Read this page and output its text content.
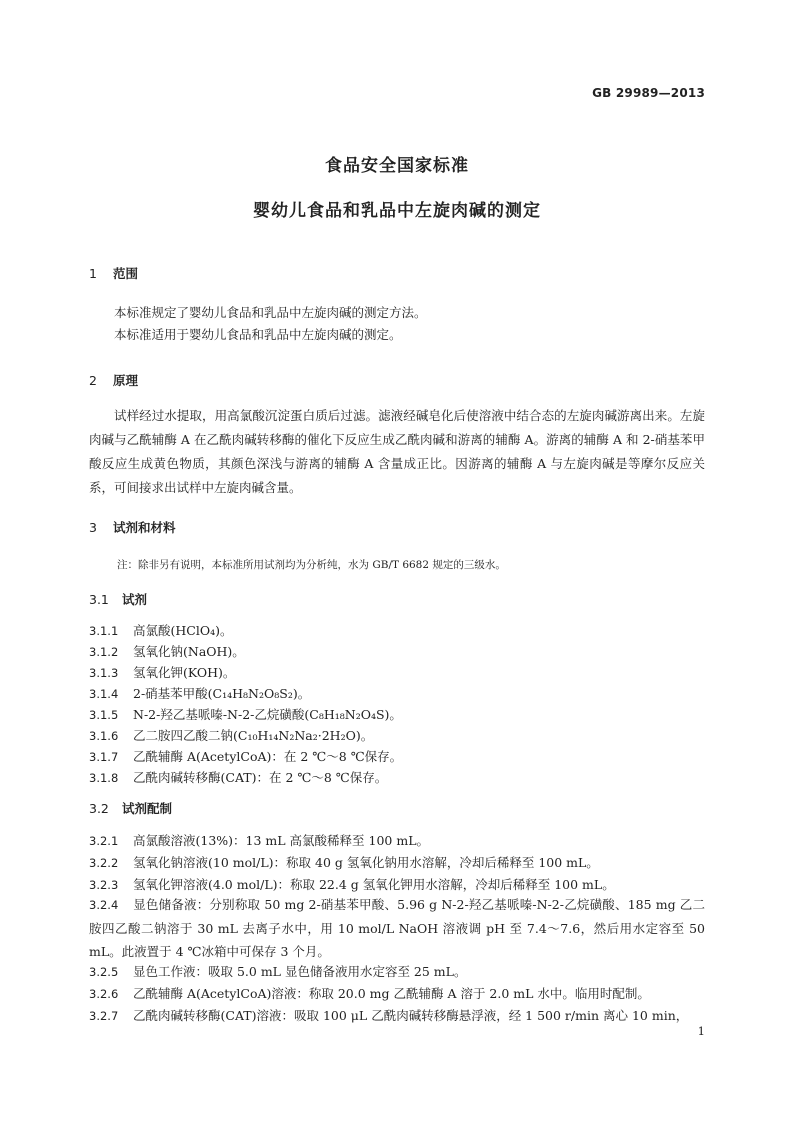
GB 29989—2013
食品安全国家标准
婴幼儿食品和乳品中左旋肉碱的测定
1 范围
本标准规定了婴幼儿食品和乳品中左旋肉碱的测定方法。
本标准适用于婴幼儿食品和乳品中左旋肉碱的测定。
2 原理
试样经过水提取，用高氯酸沉淀蛋白质后过滤。滤液经碱皂化后使溶液中结合态的左旋肉碱游离出来。左旋肉碱与乙酰辅酶 A 在乙酰肉碱转移酶的催化下反应生成乙酰肉碱和游离的辅酶 A。游离的辅酶 A 和 2-硝基苯甲酸反应生成黄色物质，其颜色深浅与游离的辅酶 A 含量成正比。因游离的辅酶 A 与左旋肉碱是等摩尔反应关系，可间接求出试样中左旋肉碱含量。
3 试剂和材料
注：除非另有说明，本标准所用试剂均为分析纯，水为 GB/T 6682 规定的三级水。
3.1 试剂
3.1.1 高氯酸(HClO₄)。
3.1.2 氢氧化钠(NaOH)。
3.1.3 氢氧化钾(KOH)。
3.1.4 2-硝基苯甲酸(C₁₄H₈N₂O₈S₂)。
3.1.5 N-2-羟乙基哌嗪-N-2-乙烷磺酸(C₈H₁₈N₂O₄S)。
3.1.6 乙二胺四乙酸二钠(C₁₀H₁₄N₂Na₂·2H₂O)。
3.1.7 乙酰辅酶 A(AcetylCoA)：在 2 ℃～8 ℃保存。
3.1.8 乙酰肉碱转移酶(CAT)：在 2 ℃～8 ℃保存。
3.2 试剂配制
3.2.1 高氯酸溶液(13%)：13 mL 高氯酸稀释至 100 mL。
3.2.2 氢氧化钠溶液(10 mol/L)：称取 40 g 氢氧化钠用水溶解，冷却后稀释至 100 mL。
3.2.3 氢氧化钾溶液(4.0 mol/L)：称取 22.4 g 氢氧化钾用水溶解，冷却后稀释至 100 mL。
3.2.4 显色储备液：分别称取 50 mg 2-硝基苯甲酸、5.96 g N-2-羟乙基哌嗪-N-2-乙烷磺酸、185 mg 乙二胺四乙酸二钠溶于 30 mL 去离子水中，用 10 mol/L NaOH 溶液调 pH 至 7.4～7.6，然后用水定容至 50 mL。此液置于 4 ℃冰箱中可保存 3 个月。
3.2.5 显色工作液：吸取 5.0 mL 显色储备液用水定容至 25 mL。
3.2.6 乙酰辅酶 A(AcetylCoA)溶液：称取 20.0 mg 乙酰辅酶 A 溶于 2.0 mL 水中。临用时配制。
3.2.7 乙酰肉碱转移酶(CAT)溶液：吸取 100 μL 乙酰肉碱转移酶悬浮液，经 1 500 r/min 离心 10 min，
1
